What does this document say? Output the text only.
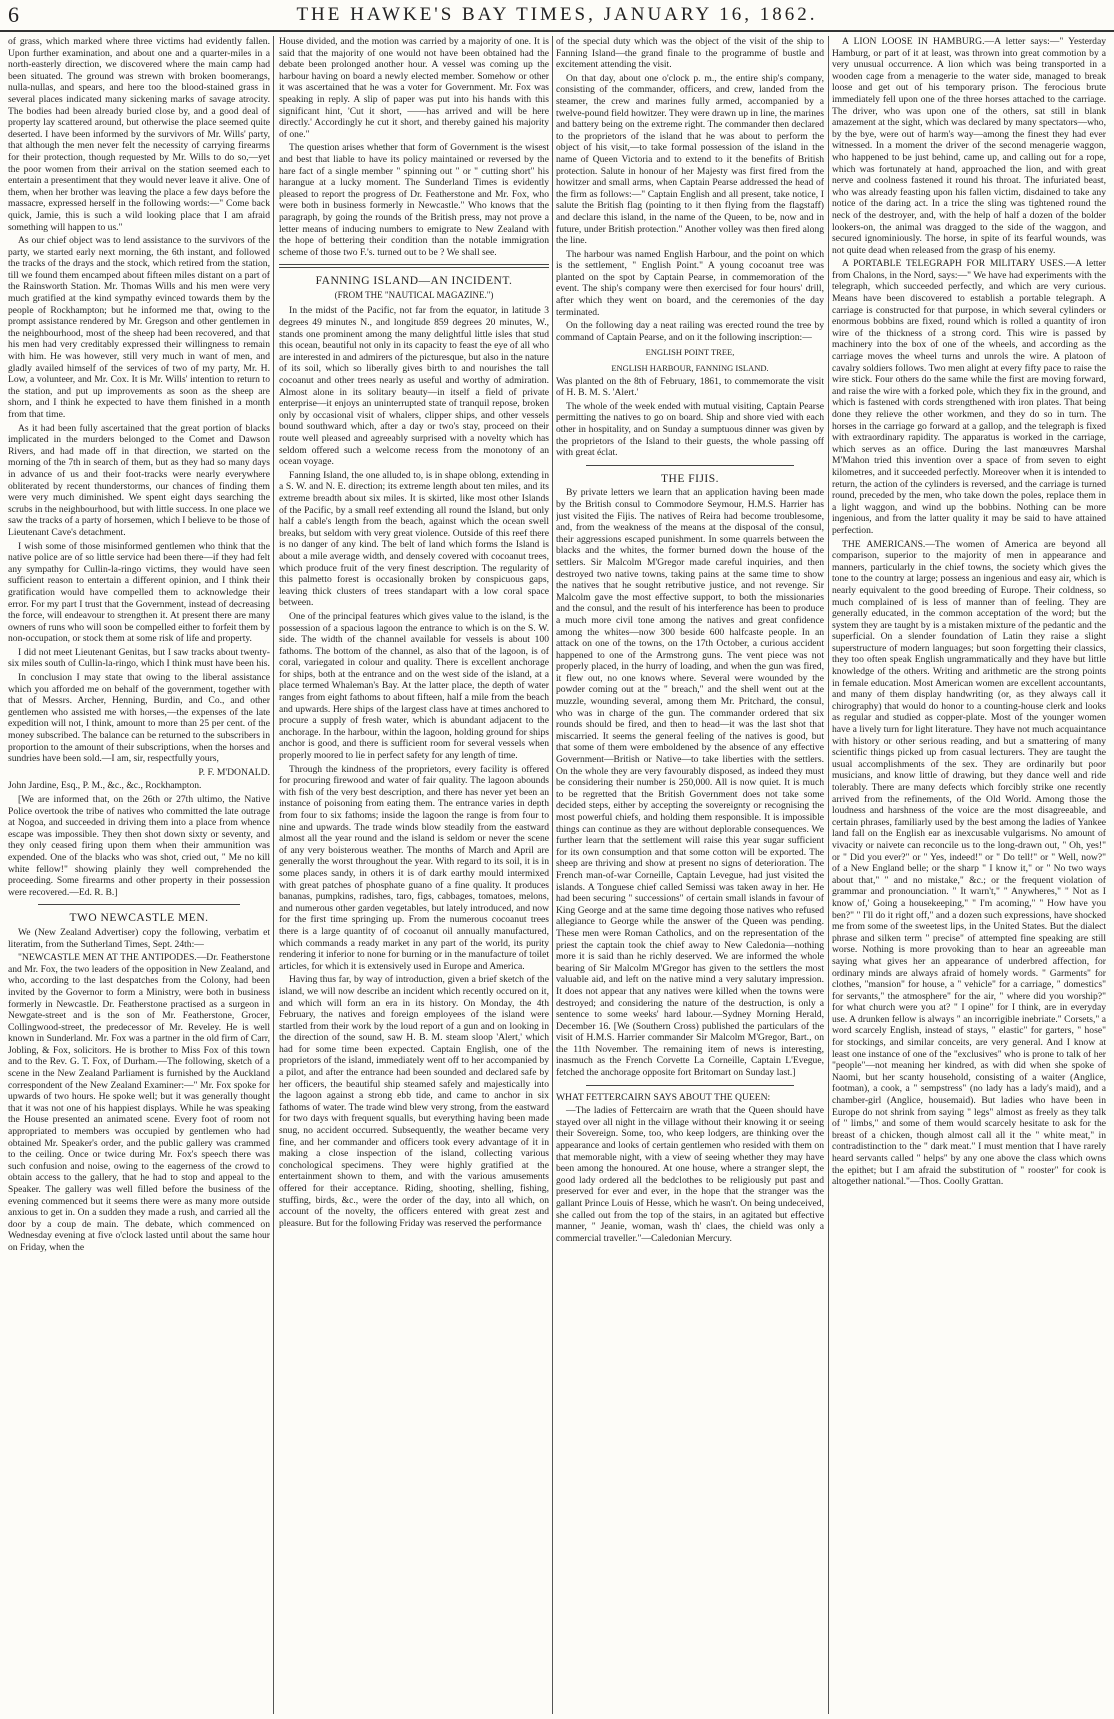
6	THE HAWKE'S BAY TIMES, JANUARY 16, 1862.

of grass, which marked where three victims had evidently fallen. Upon further examination, and about one and a quarter-miles in a north-easterly direction, we discovered where the main camp had been situated. The ground was strewn with broken boomerangs, nulla-nullas, and spears, and here too the blood-stained grass in several places indicated many sickening marks of savage atrocity. The bodies had been already buried close by, and a good deal of property lay scattered around, but otherwise the place seemed quite deserted. I have been informed by the survivors of Mr. Wills' party, that although the men never felt the necessity of carrying firearms for their protection, though requested by Mr. Wills to do so,—yet the poor women from their arrival on the station seemed each to entertain a presentiment that they would never leave it alive. One of them, when her brother was leaving the place a few days before the massacre, expressed herself in the following words:—" Come back quick, Jamie, this is such a wild looking place that I am afraid something will happen to us."

As our chief object was to lend assistance to the survivors of the party, we started early next morning, the 6th instant, and followed the tracks of the drays and the stock, which retired from the station, till we found them encamped about fifteen miles distant on a part of the Rainsworth Station. Mr. Thomas Wills and his men were very much gratified at the kind sympathy evinced towards them by the people of Rockhampton; but he informed me that, owing to the prompt assistance rendered by Mr. Gregson and other gentlemen in the neighbourhood, most of the sheep had been recovered, and that his men had very creditably expressed their willingness to remain with him. He was however, still very much in want of men, and gladly availed himself of the services of two of my party, Mr. H. Low, a volunteer, and Mr. Cox. It is Mr. Wills' intention to return to the station, and put up improvements as soon as the sheep are shorn, and I think he expected to have them finished in a month from that time.

As it had been fully ascertained that the great portion of blacks implicated in the murders belonged to the Comet and Dawson Rivers, and had made off in that direction, we started on the morning of the 7th in search of them, but as they had so many days in advance of us and their foot-tracks were nearly everywhere obliterated by recent thunderstorms, our chances of finding them were very much diminished. We spent eight days searching the scrubs in the neighbourhood, but with little success. In one place we saw the tracks of a party of horsemen, which I believe to be those of Lieutenant Cave's detachment.

I wish some of those misinformed gentlemen who think that the native police are of so little service had been there—if they had felt any sympathy for Cullin-la-ringo victims, they would have seen sufficient reason to entertain a different opinion, and I think their gratification would have compelled them to acknowledge their error. For my part I trust that the Government, instead of decreasing the force, will endeavour to strengthen it. At present there are many owners of runs who will soon be compelled either to forfeit them by non-occupation, or stock them at some risk of life and property.

I did not meet Lieutenant Genitas, but I saw tracks about twenty-six miles south of Cullin-la-ringo, which I think must have been his.

In conclusion I may state that owing to the liberal assistance which you afforded me on behalf of the government, together with that of Messrs. Archer, Henning, Burdin, and Co., and other gentlemen who assisted me with horses,—the expenses of the late expedition will not, I think, amount to more than 25 per cent. of the money subscribed. The balance can be returned to the subscribers in proportion to the amount of their subscriptions, when the horses and sundries have been sold.—I am, sir, respectfully yours,

P. F. M'DONALD.

John Jardine, Esq., P. M., &c., &c., Rockhampton.

[We are informed that, on the 26th or 27th ultimo, the Native Police overtook the tribe of natives who committed the late outrage at Nogoa, and succeeded in driving them into a place from whence escape was impossible. They then shot down sixty or seventy, and they only ceased firing upon them when their ammunition was expended. One of the blacks who was shot, cried out, " Me no kill white fellow!" showing plainly they well comprehended the proceeding. Some firearms and other property in their possession were recovered.—Ed. R. B.]

TWO NEWCASTLE MEN.

We (New Zealand Advertiser) copy the following, verbatim et literatim, from the Sutherland Times, Sept. 24th:—

"NEWCASTLE MEN AT THE ANTIPODES.—Dr. Featherstone and Mr. Fox, the two leaders of the opposition in New Zealand, and who, according to the last despatches from the Colony, had been invited by the Governor to form a Ministry, were both in business formerly in Newcastle. Dr. Featherstone practised as a surgeon in Newgate-street and is the son of Mr. Featherstone, Grocer, Collingwood-street, the predecessor of Mr. Reveley. He is well known in Sunderland. Mr. Fox was a partner in the old firm of Carr, Jobling, & Fox, solicitors. He is brother to Miss Fox of this town and to the Rev. G. T. Fox, of Durham.—The following, sketch of a scene in the New Zealand Parliament is furnished by the Auckland correspondent of the New Zealand Examiner:—" Mr. Fox spoke for upwards of two hours. He spoke well; but it was generally thought that it was not one of his happiest displays. While he was speaking the House presented an animated scene. Every foot of room not appropriated to members was occupied by gentlemen who had obtained Mr. Speaker's order, and the public gallery was crammed to the ceiling. Once or twice during Mr. Fox's speech there was such confusion and noise, owing to the eagerness of the crowd to obtain access to the gallery, that he had to stop and appeal to the Speaker. The gallery was well filled before the business of the evening commenced but it seems there were as many more outside anxious to get in. On a sudden they made a rush, and carried all the door by a coup de main. The debate, which commenced on Wednesday evening at five o'clock lasted until about the same hour on Friday, when the

House divided, and the motion was carried by a majority of one. It is said that the majority of one would not have been obtained had the debate been prolonged another hour. A vessel was coming up the harbour having on board a newly elected member. Somehow or other it was ascertained that he was a voter for Government. Mr. Fox was speaking in reply. A slip of paper was put into his hands with this significant hint, 'Cut it short, ——has arrived and will be here directly.' Accordingly he cut it short, and thereby gained his majority of one."

The question arises whether that form of Government is the wisest and best that liable to have its policy maintained or reversed by the hare fact of a single member " spinning out " or " cutting short" his harangue at a lucky moment. The Sunderland Times is evidently pleased to report the progress of Dr. Featherstone and Mr. Fox, who were both in business formerly in Newcastle." Who knows that the paragraph, by going the rounds of the British press, may not prove a letter means of inducing numbers to emigrate to New Zealand with the hope of bettering their condition than the notable immigration scheme of those two F.'s. turned out to be ? We shall see.

FANNING ISLAND—AN INCIDENT.
(FROM THE "NAUTICAL MAGAZINE.")

In the midst of the Pacific, not far from the equator, in latitude 3 degrees 49 minutes N., and longitude 859 degrees 20 minutes, W., stands one prominent among the many delightful little isles that stud this ocean, beautiful not only in its capacity to feast the eye of all who are interested in and admirers of the picturesque, but also in the nature of its soil, which so liberally gives birth to and nourishes the tall cocoanut and other trees nearly as useful and worthy of admiration. Almost alone in its solitary beauty—in itself a field of private enterprise—it enjoys an uninterrupted state of tranquil repose, broken only by occasional visit of whalers, clipper ships, and other vessels bound southward which, after a day or two's stay, proceed on their route well pleased and agreeably surprised with a novelty which has seldom offered such a welcome recess from the monotony of an ocean voyage.

Fanning Island, the one alluded to, is in shape oblong, extending in a S. W. and N. E. direction; its extreme length about ten miles, and its extreme breadth about six miles. It is skirted, like most other Islands of the Pacific, by a small reef extending all round the Island, but only half a cable's length from the beach, against which the ocean swell breaks, but seldom with very great violence. Outside of this reef there is no danger of any kind. The belt of land which forms the Island is about a mile average width, and densely covered with cocoanut trees, which produce fruit of the very finest description. The regularity of this palmetto forest is occasionally broken by conspicuous gaps, leaving thick clusters of trees standapart with a low coral space between.

One of the principal features which gives value to the island, is the possession of a spacious lagoon the entrance to which is on the S. W. side. The width of the channel available for vessels is about 100 fathoms. The bottom of the channel, as also that of the lagoon, is of coral, variegated in colour and quality. There is excellent anchorage for ships, both at the entrance and on the west side of the island, at a place termed Whaleman's Bay. At the latter place, the depth of water ranges from eight fathoms to about fifteen, half a mile from the beach and upwards. Here ships of the largest class have at times anchored to procure a supply of fresh water, which is abundant adjacent to the anchorage. In the harbour, within the lagoon, holding ground for ships anchor is good, and there is sufficient room for several vessels when properly moored to lie in perfect safety for any length of time.

Through the kindness of the proprietors, every facility is offered for procuring firewood and water of fair quality. The lagoon abounds with fish of the very best description, and there has never yet been an instance of poisoning from eating them. The entrance varies in depth from four to six fathoms; inside the lagoon the range is from four to nine and upwards. The trade winds blow steadily from the eastward almost all the year round and the island is seldom or never the scene of any very boisterous weather. The months of March and April are generally the worst throughout the year. With regard to its soil, it is in some places sandy, in others it is of dark earthy mould intermixed with great patches of phosphate guano of a fine quality. It produces bananas, pumpkins, radishes, taro, figs, cabbages, tomatoes, melons, and numerous other garden vegetables, but lately introduced, and now for the first time springing up. From the numerous cocoanut trees there is a large quantity of of cocoanut oil annually manufactured, which commands a ready market in any part of the world, its purity rendering it inferior to none for burning or in the manufacture of toilet articles, for which it is extensively used in Europe and America.

Having thus far, by way of introduction, given a brief sketch of the island, we will now describe an incident which recently occured on it, and which will form an era in its history. On Monday, the 4th February, the natives and foreign employees of the island were startled from their work by the loud report of a gun and on looking in the direction of the sound, saw H. B. M. steam sloop 'Alert,' which had for some time been expected. Captain English, one of the proprietors of the island, immediately went off to her accompanied by a pilot, and after the entrance had been sounded and declared safe by her officers, the beautiful ship steamed safely and majestically into the lagoon against a strong ebb tide, and came to anchor in six fathoms of water. The trade wind blew very strong, from the eastward for two days with frequent squalls, but everything having been made snug, no accident occurred. Subsequently, the weather became very fine, and her commander and officers took every advantage of it in making a close inspection of the island, collecting various conchological specimens. They were highly gratified at the entertainment shown to them, and with the various amusements offered for their acceptance. Riding, shooting, shelling, fishing, stuffing, birds, &c., were the order of the day, into all which, on account of the novelty, the officers entered with great zest and pleasure. But for the following Friday was reserved the performance

of the special duty which was the object of the visit of the ship to Fanning Island—the grand finale to the programme of bustle and excitement attending the visit.

On that day, about one o'clock p. m., the entire ship's company, consisting of the commander, officers, and crew, landed from the steamer, the crew and marines fully armed, accompanied by a twelve-pound field howitzer. They were drawn up in line, the marines and battery being on the extreme right. The commander then declared to the proprietors of the island that he was about to perform the object of his visit,—to take formal possession of the island in the name of Queen Victoria and to extend to it the benefits of British protection. Salute in honour of her Majesty was first fired from the howitzer and small arms, when Captain Pearse addressed the head of the firm as follows:—" Captain English and all present, take notice, I salute the British flag (pointing to it then flying from the flagstaff) and declare this island, in the name of the Queen, to be, now and in future, under British protection." Another volley was then fired along the line.

The harbour was named English Harbour, and the point on which is the settlement, " English Point." A young cocoanut tree was planted on the spot by Captain Pearse, in commemoration of the event. The ship's company were then exercised for four hours' drill, after which they went on board, and the ceremonies of the day terminated.

On the following day a neat railing was erected round the tree by command of Captain Pearse, and on it the following inscription:—

ENGLISH POINT TREE,
ENGLISH HARBOUR, FANNING ISLAND.

Was planted on the 8th of February, 1861, to commemorate the visit of H. B. M. S. 'Alert.'

The whole of the week ended with mutual visiting, Captain Pearse permitting the natives to go on board. Ship and shore vied with each other in hospitality, and on Sunday a sumptuous dinner was given by the proprietors of the Island to their guests, the whole passing off with great éclat.

THE FIJIS.

By private letters we learn that an application having been made by the British consul to Commodore Seymour, H.M.S. Harrier has just visited the Fijis. The natives of Reira had become troublesome, and, from the weakness of the means at the disposal of the consul, their aggressions escaped punishment. In some quarrels between the blacks and the whites, the former burned down the house of the settlers. Sir Malcolm M'Gregor made careful inquiries, and then destroyed two native towns, taking pains at the same time to show the natives that he sought retributive justice, and not revenge. Sir Malcolm gave the most effective support, to both the missionaries and the consul, and the result of his interference has been to produce a much more civil tone among the natives and great confidence among the whites—now 300 beside 600 halfcaste people. In an attack on one of the towns, on the 17th October, a curious accident happened to one of the Armstrong guns. The vent piece was not properly placed, in the hurry of loading, and when the gun was fired, it flew out, no one knows where. Several were wounded by the powder coming out at the " breach," and the shell went out at the muzzle, wounding several, among them Mr. Pritchard, the consul, who was in charge of the gun. The commander ordered that six rounds should be fired, and then to head—it was the last shot that miscarried. It seems the general feeling of the natives is good, but that some of them were emboldened by the absence of any effective Government—British or Native—to take liberties with the settlers. On the whole they are very favourably disposed, as indeed they must be considering their number is 250,000. All is now quiet. It is much to be regretted that the British Government does not take some decided steps, either by accepting the sovereignty or recognising the most powerful chiefs, and holding them responsible. It is impossible things can continue as they are without deplorable consequences. We further learn that the settlement will raise this year sugar sufficient for its own consumption and that some cotton will be exported. The sheep are thriving and show at present no signs of deterioration. The French man-of-war Corneille, Captain Levegue, had just visited the islands. A Tonguese chief called Semissi was taken away in her. He had been securing " successions" of certain small islands in favour of King George and at the same time degoing those natives who refused allegiance to George while the answer of the Queen was pending. These men were Roman Catholics, and on the representation of the priest the captain took the chief away to New Caledonia—nothing more it is said than he richly deserved. We are informed the whole bearing of Sir Malcolm M'Gregor has given to the settlers the most valuable aid, and left on the native mind a very salutary impression. It does not appear that any natives were killed when the towns were destroyed; and considering the nature of the destruction, is only a sentence to some weeks' hard labour.—Sydney Morning Herald, December 16. [We (Southern Cross) published the particulars of the visit of H.M.S. Harrier commander Sir Malcolm M'Gregor, Bart., on the 11th November. The remaining item of news is interesting, inasmuch as the French Corvette La Corneille, Captain L'Evegue, fetched the anchorage opposite fort Britomart on Sunday last.]

WHAT FETTERCAIRN SAYS ABOUT THE QUEEN:

—The ladies of Fettercairn are wrath that the Queen should have stayed over all night in the village without their knowing it or seeing their Sovereign. Some, too, who keep lodgers, are thinking over the appearance and looks of certain gentlemen who resided with them on that memorable night, with a view of seeing whether they may have been among the honoured. At one house, where a stranger slept, the good lady ordered all the bedclothes to be religiously put past and preserved for ever and ever, in the hope that the stranger was the gallant Prince Louis of Hesse, which he wasn't. On being undeceived, she called out from the top of the stairs, in an agitated but effective manner, " Jeanie, woman, wash th' claes, the chield was only a commercial traveller."—Caledonian Mercury.

A LION LOOSE IN HAMBURG.—A letter says:—" Yesterday Hamburg, or part of it at least, was thrown into great commotion by a very unusual occurrence. A lion which was being transported in a wooden cage from a menagerie to the water side, managed to break loose and get out of his temporary prison. The ferocious brute immediately fell upon one of the three horses attached to the carriage. The driver, who was upon one of the others, sat still in blank amazement at the sight, which was declared by many spectators—who, by the bye, were out of harm's way—among the finest they had ever witnessed. In a moment the driver of the second menagerie waggon, who happened to be just behind, came up, and calling out for a rope, which was fortunately at hand, approached the lion, and with great nerve and coolness fastened it round his throat. The infuriated beast, who was already feasting upon his fallen victim, disdained to take any notice of the daring act. In a trice the sling was tightened round the neck of the destroyer, and, with the help of half a dozen of the bolder lookers-on, the animal was dragged to the side of the waggon, and secured ignominiously. The horse, in spite of its fearful wounds, was not quite dead when released from the grasp of his enemy.

A PORTABLE TELEGRAPH FOR MILITARY USES.—A letter from Chalons, in the Nord, says:—" We have had experiments with the telegraph, which succeeded perfectly, and which are very curious. Means have been discovered to establish a portable telegraph. A carriage is constructed for that purpose, in which several cylinders or enormous bobbins are fixed, round which is rolled a quantity of iron wire of the thickness of a strong cord. This wire is passed by machinery into the box of one of the wheels, and according as the carriage moves the wheel turns and unrols the wire. A platoon of cavalry soldiers follows. Two men alight at every fifty pace to raise the wire stick. Four others do the same while the first are moving forward, and raise the wire with a forked pole, which they fix in the ground, and which is fastened with cords strengthened with iron plates. That being done they relieve the other workmen, and they do so in turn. The horses in the carriage go forward at a gallop, and the telegraph is fixed with extraordinary rapidity. The apparatus is worked in the carriage, which serves as an office. During the last manœuvres Marshal M'Mahon tried this invention over a space of from seven to eight kilometres, and it succeeded perfectly. Moreover when it is intended to return, the action of the cylinders is reversed, and the carriage is turned round, preceded by the men, who take down the poles, replace them in a light waggon, and wind up the bobbins. Nothing can be more ingenious, and from the latter quality it may be said to have attained perfection.

THE AMERICANS.—The women of America are beyond all comparison, superior to the majority of men in appearance and manners, particularly in the chief towns, the society which gives the tone to the country at large; possess an ingenious and easy air, which is nearly equivalent to the good breeding of Europe. Their coldness, so much complained of is less of manner than of feeling. They are generally educated, in the common acceptation of the word; but the system they are taught by is a mistaken mixture of the pedantic and the superficial. On a slender foundation of Latin they raise a slight superstructure of modern languages; but soon forgetting their classics, they too often speak English ungrammatically and they have but little knowledge of the others. Writing and arithmetic are the strong points in female education. Most American women are excellent accountants, and many of them display handwriting (or, as they always call it chirography) that would do honor to a counting-house clerk and looks as regular and studied as copper-plate. Most of the younger women have a lively turn for light literature. They have not much acquaintance with history or other serious reading, and but a smattering of many scientific things picked up from casual lecturers. They are taught the usual accomplishments of the sex. They are ordinarily but poor musicians, and know little of drawing, but they dance well and ride tolerably. There are many defects which forcibly strike one recently arrived from the refinements, of the Old World. Among those the loudness and harshness of the voice are the most disagreeable, and certain phrases, familiarly used by the best among the ladies of Yankee land fall on the English ear as inexcusable vulgarisms. No amount of vivacity or naivete can reconcile us to the long-drawn out, " Oh, yes!" or " Did you ever?" or " Yes, indeed!" or " Do tell!" or " Well, now?" of a New England belle; or the sharp " I know it," or " No two ways about that," " and no mistake," &c.; or the frequent violation of grammar and pronounciation. " It warn't," " Anywheres," " Not as I know of,' Going a housekeeping," " I'm acoming," " How have you ben?" " I'll do it right off," and a dozen such expressions, have shocked me from some of the sweetest lips, in the United States. But the dialect phrase and silken term " precise" of attempted fine speaking are still worse. Nothing is more provoking than to hear an agreeable man saying what gives her an appearance of underbred affection, for ordinary minds are always afraid of homely words. " Garments" for clothes, "mansion" for house, a " vehicle" for a carriage, " domestics" for servants," the atmosphere" for the air, " where did you worship?" for what church were you at? " I opine" for I think, are in everyday use. A drunken fellow is always " an incorrigible inebriate." Corsets," a word scarcely English, instead of stays, " elastic" for garters, " hose" for stockings, and similar conceits, are very general. And I know at least one instance of one of the "exclusives" who is prone to talk of her "people"—not meaning her kindred, as with did when she spoke of Naomi, but her scanty household, consisting of a waiter (Anglice, footman), a cook, a " sempstress" (no lady has a lady's maid), and a chamber-girl (Anglice, housemaid). But ladies who have been in Europe do not shrink from saying " legs" almost as freely as they talk of " limbs," and some of them would scarcely hesitate to ask for the breast of a chicken, though almost call all it the " white meat," in contradistinction to the " dark meat." I must mention that I have rarely heard servants called " helps" by any one above the class which owns the epithet; but I am afraid the substitution of " rooster" for cook is altogether national."—Thos. Coolly Grattan.
